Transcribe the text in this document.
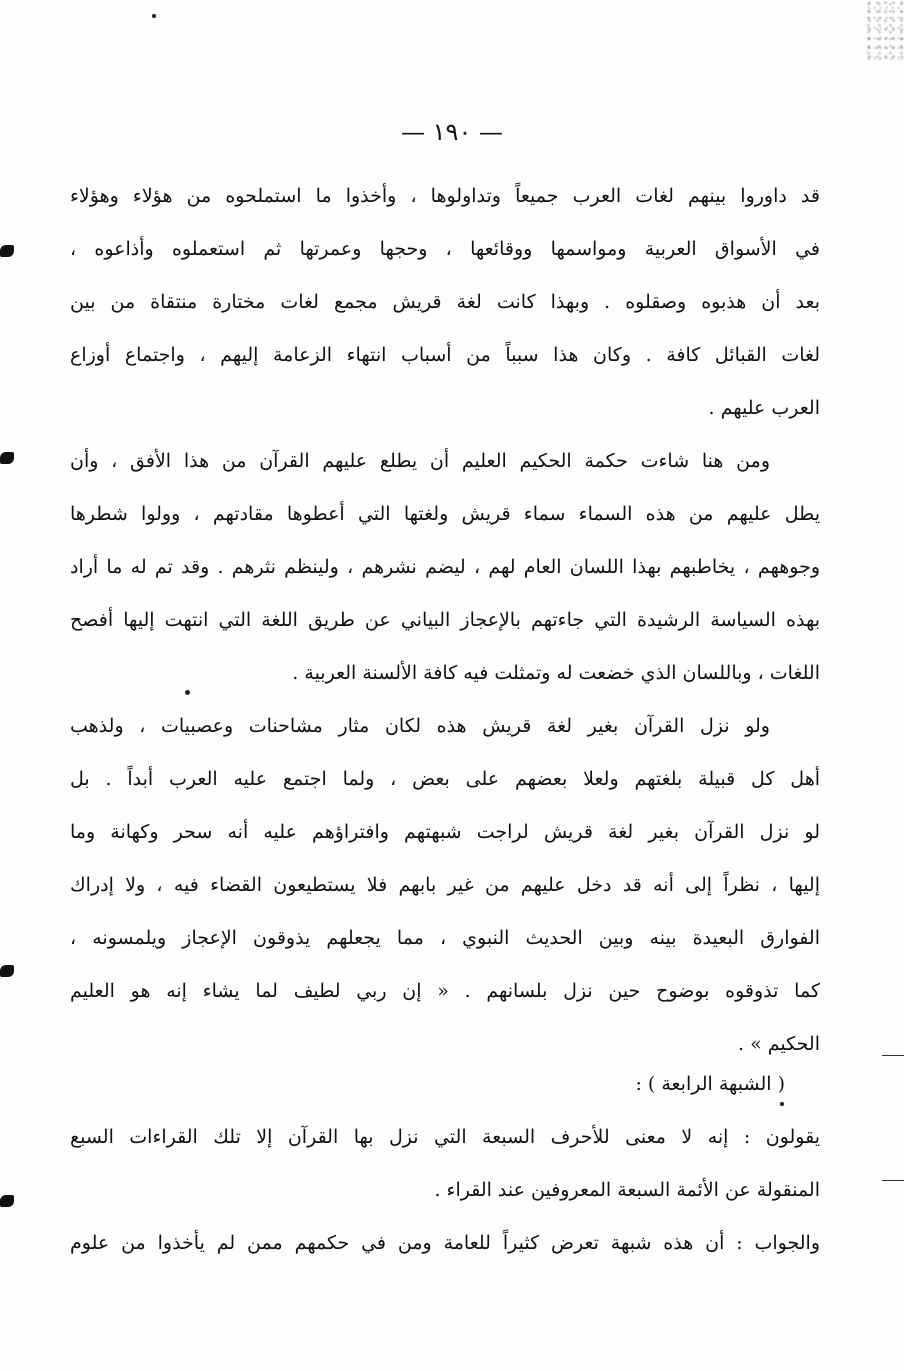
— ١٩٠ —
قد داوروا بينهم لغات العرب جميعاً وتداولوها ، وأخذوا ما استملحوه من هؤلاء وهؤلاء
في الأسواق العربية ومواسمها ووقائعها ، وحجها وعمرتها ثم استعملوه وأذاعوه ،
بعد أن هذبوه وصقلوه . وبهذا كانت لغة قريش مجمع لغات مختارة منتقاة من بين
لغات القبائل كافة . وكان هذا سبباً من أسباب انتهاء الزعامة إليهم ، واجتماع أوزاع
العرب عليهم .
ومن هنا شاءت حكمة الحكيم العليم أن يطلع عليهم القرآن من هذا الأفق ، وأن
يطل عليهم من هذه السماء سماء قريش ولغتها التي أعطوها مقادتهم ، وولوا شطرها
وجوههم ، يخاطبهم بهذا اللسان العام لهم ، ليضم نشرهم ، ولينظم نثرهم . وقد تم له ما أراد
بهذه السياسة الرشيدة التي جاءتهم بالإعجاز البياني عن طريق اللغة التي انتهت إليها أفصح
اللغات ، وباللسان الذي خضعت له وتمثلت فيه كافة الألسنة العربية .
ولو نزل القرآن بغير لغة قريش هذه لكان مثار مشاحنات وعصبيات ، ولذهب
أهل كل قبيلة بلغتهم ولعلا بعضهم على بعض ، ولما اجتمع عليه العرب أبداً . بل
لو نزل القرآن بغير لغة قريش لراجت شبهتهم وافتراؤهم عليه أنه سحر وكهانة وما
إليها ، نظراً إلى أنه قد دخل عليهم من غير بابهم فلا يستطيعون القضاء فيه ، ولا إدراك
الفوارق البعيدة بينه وبين الحديث النبوي ، مما يجعلهم يذوقون الإعجاز ويلمسونه ،
كما تذوقوه بوضوح حين نزل بلسانهم . « إن ربي لطيف لما يشاء إنه هو العليم
الحكيم » .
( الشبهة الرابعة ) :
يقولون : إنه لا معنى للأحرف السبعة التي نزل بها القرآن إلا تلك القراءات السبع
المنقولة عن الأئمة السبعة المعروفين عند القراء .
والجواب : أن هذه شبهة تعرض كثيراً للعامة ومن في حكمهم ممن لم يأخذوا من علوم
